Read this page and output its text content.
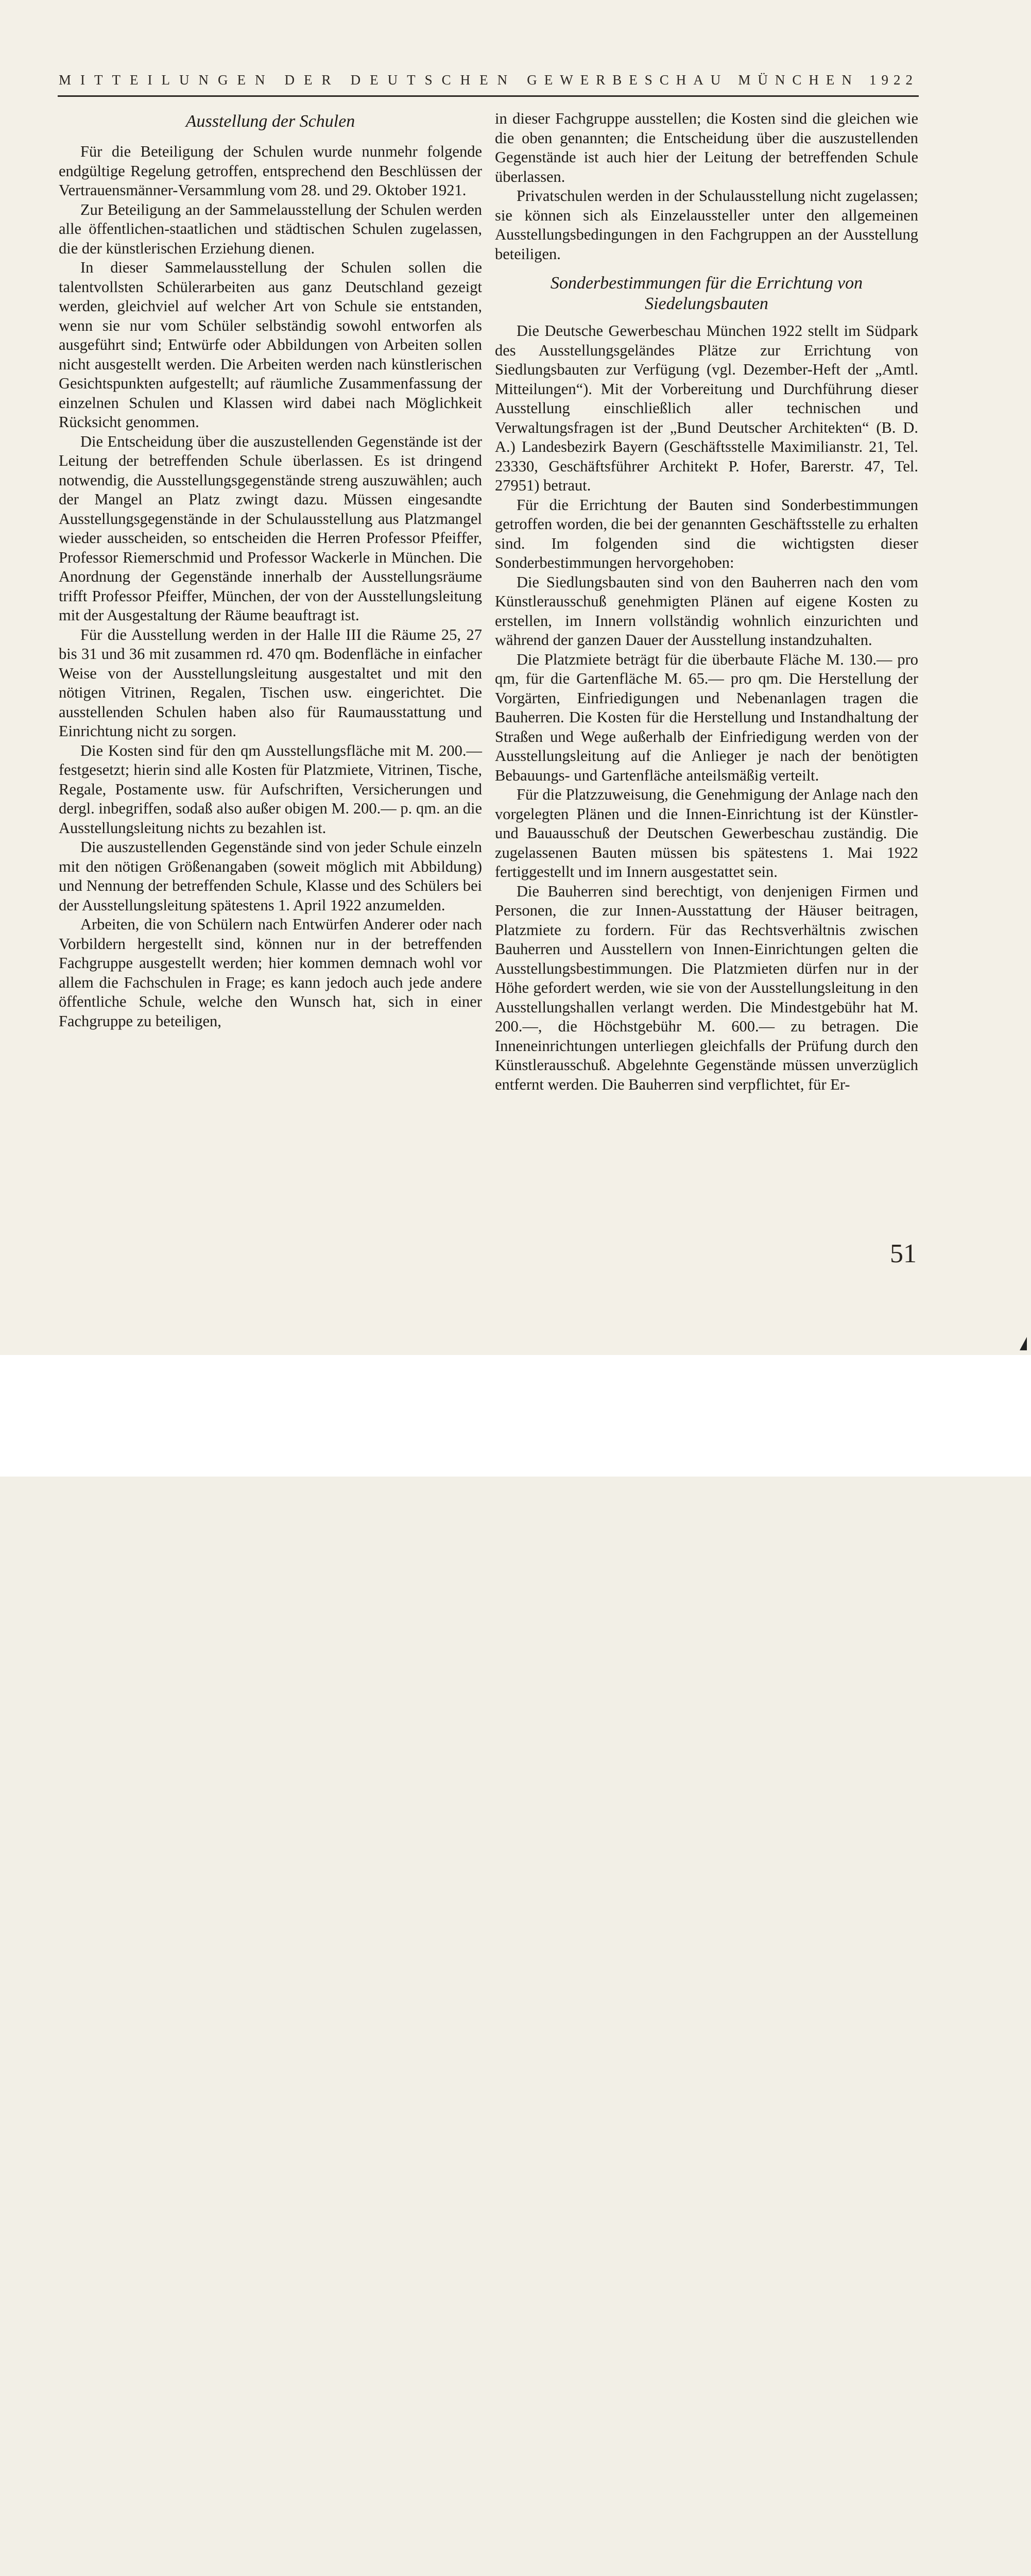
MITTEILUNGEN DER DEUTSCHEN GEWERBESCHAU MÜNCHEN 1922
Ausstellung der Schulen

Für die Beteiligung der Schulen wurde nunmehr folgende endgültige Regelung getroffen, entsprechend den Beschlüssen der Vertrauensmänner-Versammlung vom 28. und 29. Oktober 1921.

Zur Beteiligung an der Sammelausstellung der Schulen werden alle öffentlichen-staatlichen und städtischen Schulen zugelassen, die der künstlerischen Erziehung dienen.

In dieser Sammelausstellung der Schulen sollen die talentvollsten Schülerarbeiten aus ganz Deutschland gezeigt werden, gleichviel auf welcher Art von Schule sie entstanden, wenn sie nur vom Schüler selbständig sowohl entworfen als ausgeführt sind; Entwürfe oder Abbildungen von Arbeiten sollen nicht ausgestellt werden. Die Arbeiten werden nach künstlerischen Gesichtspunkten aufgestellt; auf räumliche Zusammenfassung der einzelnen Schulen und Klassen wird dabei nach Möglichkeit Rücksicht genommen.

Die Entscheidung über die auszustellenden Gegenstände ist der Leitung der betreffenden Schule überlassen. Es ist dringend notwendig, die Ausstellungsgegenstände streng auszuwählen; auch der Mangel an Platz zwingt dazu. Müssen eingesandte Ausstellungsgegenstände in der Schulausstellung aus Platzmangel wieder ausscheiden, so entscheiden die Herren Professor Pfeiffer, Professor Riemerschmid und Professor Wackerle in München. Die Anordnung der Gegenstände innerhalb der Ausstellungsräume trifft Professor Pfeiffer, München, der von der Ausstellungsleitung mit der Ausgestaltung der Räume beauftragt ist.

Für die Ausstellung werden in der Halle III die Räume 25, 27 bis 31 und 36 mit zusammen rd. 470 qm. Bodenfläche in einfacher Weise von der Ausstellungsleitung ausgestaltet und mit den nötigen Vitrinen, Regalen, Tischen usw. eingerichtet. Die ausstellenden Schulen haben also für Raumausstattung und Einrichtung nicht zu sorgen.

Die Kosten sind für den qm Ausstellungsfläche mit M. 200.— festgesetzt; hierin sind alle Kosten für Platzmiete, Vitrinen, Tische, Regale, Postamente usw. für Aufschriften, Versicherungen und dergl. inbegriffen, sodaß also außer obigen M. 200.— p. qm. an die Ausstellungsleitung nichts zu bezahlen ist.

Die auszustellenden Gegenstände sind von jeder Schule einzeln mit den nötigen Größenangaben (soweit möglich mit Abbildung) und Nennung der betreffenden Schule, Klasse und des Schülers bei der Ausstellungsleitung spätestens 1. April 1922 anzumelden.

Arbeiten, die von Schülern nach Entwürfen Anderer oder nach Vorbildern hergestellt sind, können nur in der betreffenden Fachgruppe ausgestellt werden; hier kommen demnach wohl vor allem die Fachschulen in Frage; es kann jedoch auch jede andere öffentliche Schule, welche den Wunsch hat, sich in einer Fachgruppe zu beteiligen,

in dieser Fachgruppe ausstellen; die Kosten sind die gleichen wie die oben genannten; die Entscheidung über die auszustellenden Gegenstände ist auch hier der Leitung der betreffenden Schule überlassen.

Privatschulen werden in der Schulausstellung nicht zugelassen; sie können sich als Einzelaussteller unter den allgemeinen Ausstellungsbedingungen in den Fachgruppen an der Ausstellung beteiligen.

Sonderbestimmungen für die Errichtung von
Siedelungsbauten

Die Deutsche Gewerbeschau München 1922 stellt im Südpark des Ausstellungsgeländes Plätze zur Errichtung von Siedlungsbauten zur Verfügung (vgl. Dezember-Heft der „Amtl. Mitteilungen“). Mit der Vorbereitung und Durchführung dieser Ausstellung einschließlich aller technischen und Verwaltungsfragen ist der „Bund Deutscher Architekten“ (B. D. A.) Landesbezirk Bayern (Geschäftsstelle Maximilianstr. 21, Tel. 23330, Geschäftsführer Architekt P. Hofer, Barerstr. 47, Tel. 27951) betraut.

Für die Errichtung der Bauten sind Sonderbestimmungen getroffen worden, die bei der genannten Geschäftsstelle zu erhalten sind. Im folgenden sind die wichtigsten dieser Sonderbestimmungen hervorgehoben:

Die Siedlungsbauten sind von den Bauherren nach den vom Künstlerausschuß genehmigten Plänen auf eigene Kosten zu erstellen, im Innern vollständig wohnlich einzurichten und während der ganzen Dauer der Ausstellung instandzuhalten.

Die Platzmiete beträgt für die überbaute Fläche M. 130.— pro qm, für die Gartenfläche M. 65.— pro qm. Die Herstellung der Vorgärten, Einfriedigungen und Nebenanlagen tragen die Bauherren. Die Kosten für die Herstellung und Instandhaltung der Straßen und Wege außerhalb der Einfriedigung werden von der Ausstellungsleitung auf die Anlieger je nach der benötigten Bebauungs- und Gartenfläche anteilsmäßig verteilt.

Für die Platzzuweisung, die Genehmigung der Anlage nach den vorgelegten Plänen und die Innen-Einrichtung ist der Künstler- und Bauausschuß der Deutschen Gewerbeschau zuständig. Die zugelassenen Bauten müssen bis spätestens 1. Mai 1922 fertiggestellt und im Innern ausgestattet sein.

Die Bauherren sind berechtigt, von denjenigen Firmen und Personen, die zur Innen-Ausstattung der Häuser beitragen, Platzmiete zu fordern. Für das Rechtsverhältnis zwischen Bauherren und Ausstellern von Innen-Einrichtungen gelten die Ausstellungsbestimmungen. Die Platzmieten dürfen nur in der Höhe gefordert werden, wie sie von der Ausstellungsleitung in den Ausstellungshallen verlangt werden. Die Mindestgebühr hat M. 200.—, die Höchstgebühr M. 600.— zu betragen. Die Inneneinrichtungen unterliegen gleichfalls der Prüfung durch den Künstlerausschuß. Abgelehnte Gegenstände müssen unverzüglich entfernt werden. Die Bauherren sind verpflichtet, für Er-

51
